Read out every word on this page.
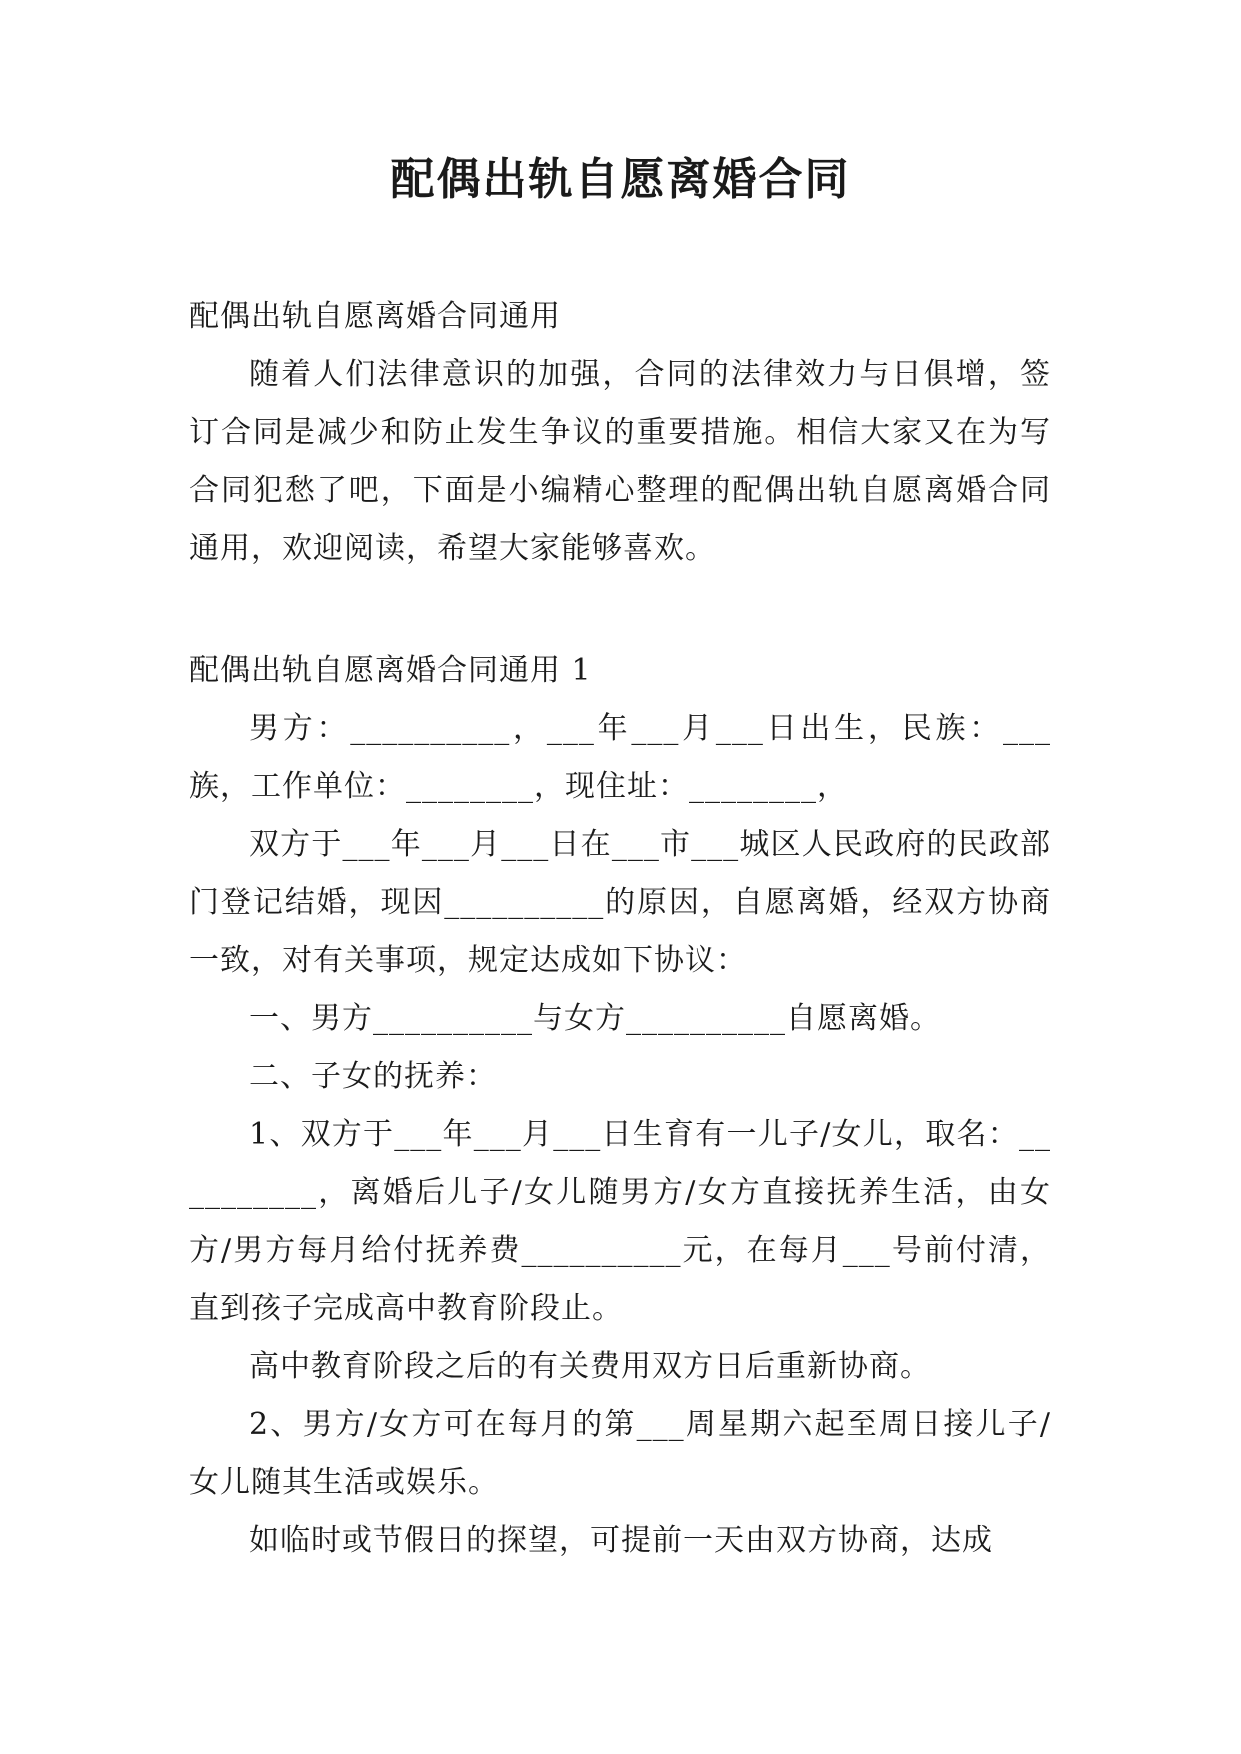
配偶出轨自愿离婚合同
配偶出轨自愿离婚合同通用

随着人们法律意识的加强，合同的法律效力与日俱增，签订合同是减少和防止发生争议的重要措施。相信大家又在为写合同犯愁了吧，下面是小编精心整理的配偶出轨自愿离婚合同通用，欢迎阅读，希望大家能够喜欢。

配偶出轨自愿离婚合同通用 1

男方：__________，___年___月___日出生，民族：___族，工作单位：________，现住址：________，

双方于___年___月___日在___市___城区人民政府的民政部门登记结婚，现因__________的原因，自愿离婚，经双方协商一致，对有关事项，规定达成如下协议：

一、男方__________与女方__________自愿离婚。

二、子女的抚养：

1、双方于___年___月___日生育有一儿子/女儿，取名：__________，离婚后儿子/女儿随男方/女方直接抚养生活，由女方/男方每月给付抚养费__________元，在每月___号前付清，直到孩子完成高中教育阶段止。

高中教育阶段之后的有关费用双方日后重新协商。

2、男方/女方可在每月的第___周星期六起至周日接儿子/女儿随其生活或娱乐。

如临时或节假日的探望，可提前一天由双方协商，达成
